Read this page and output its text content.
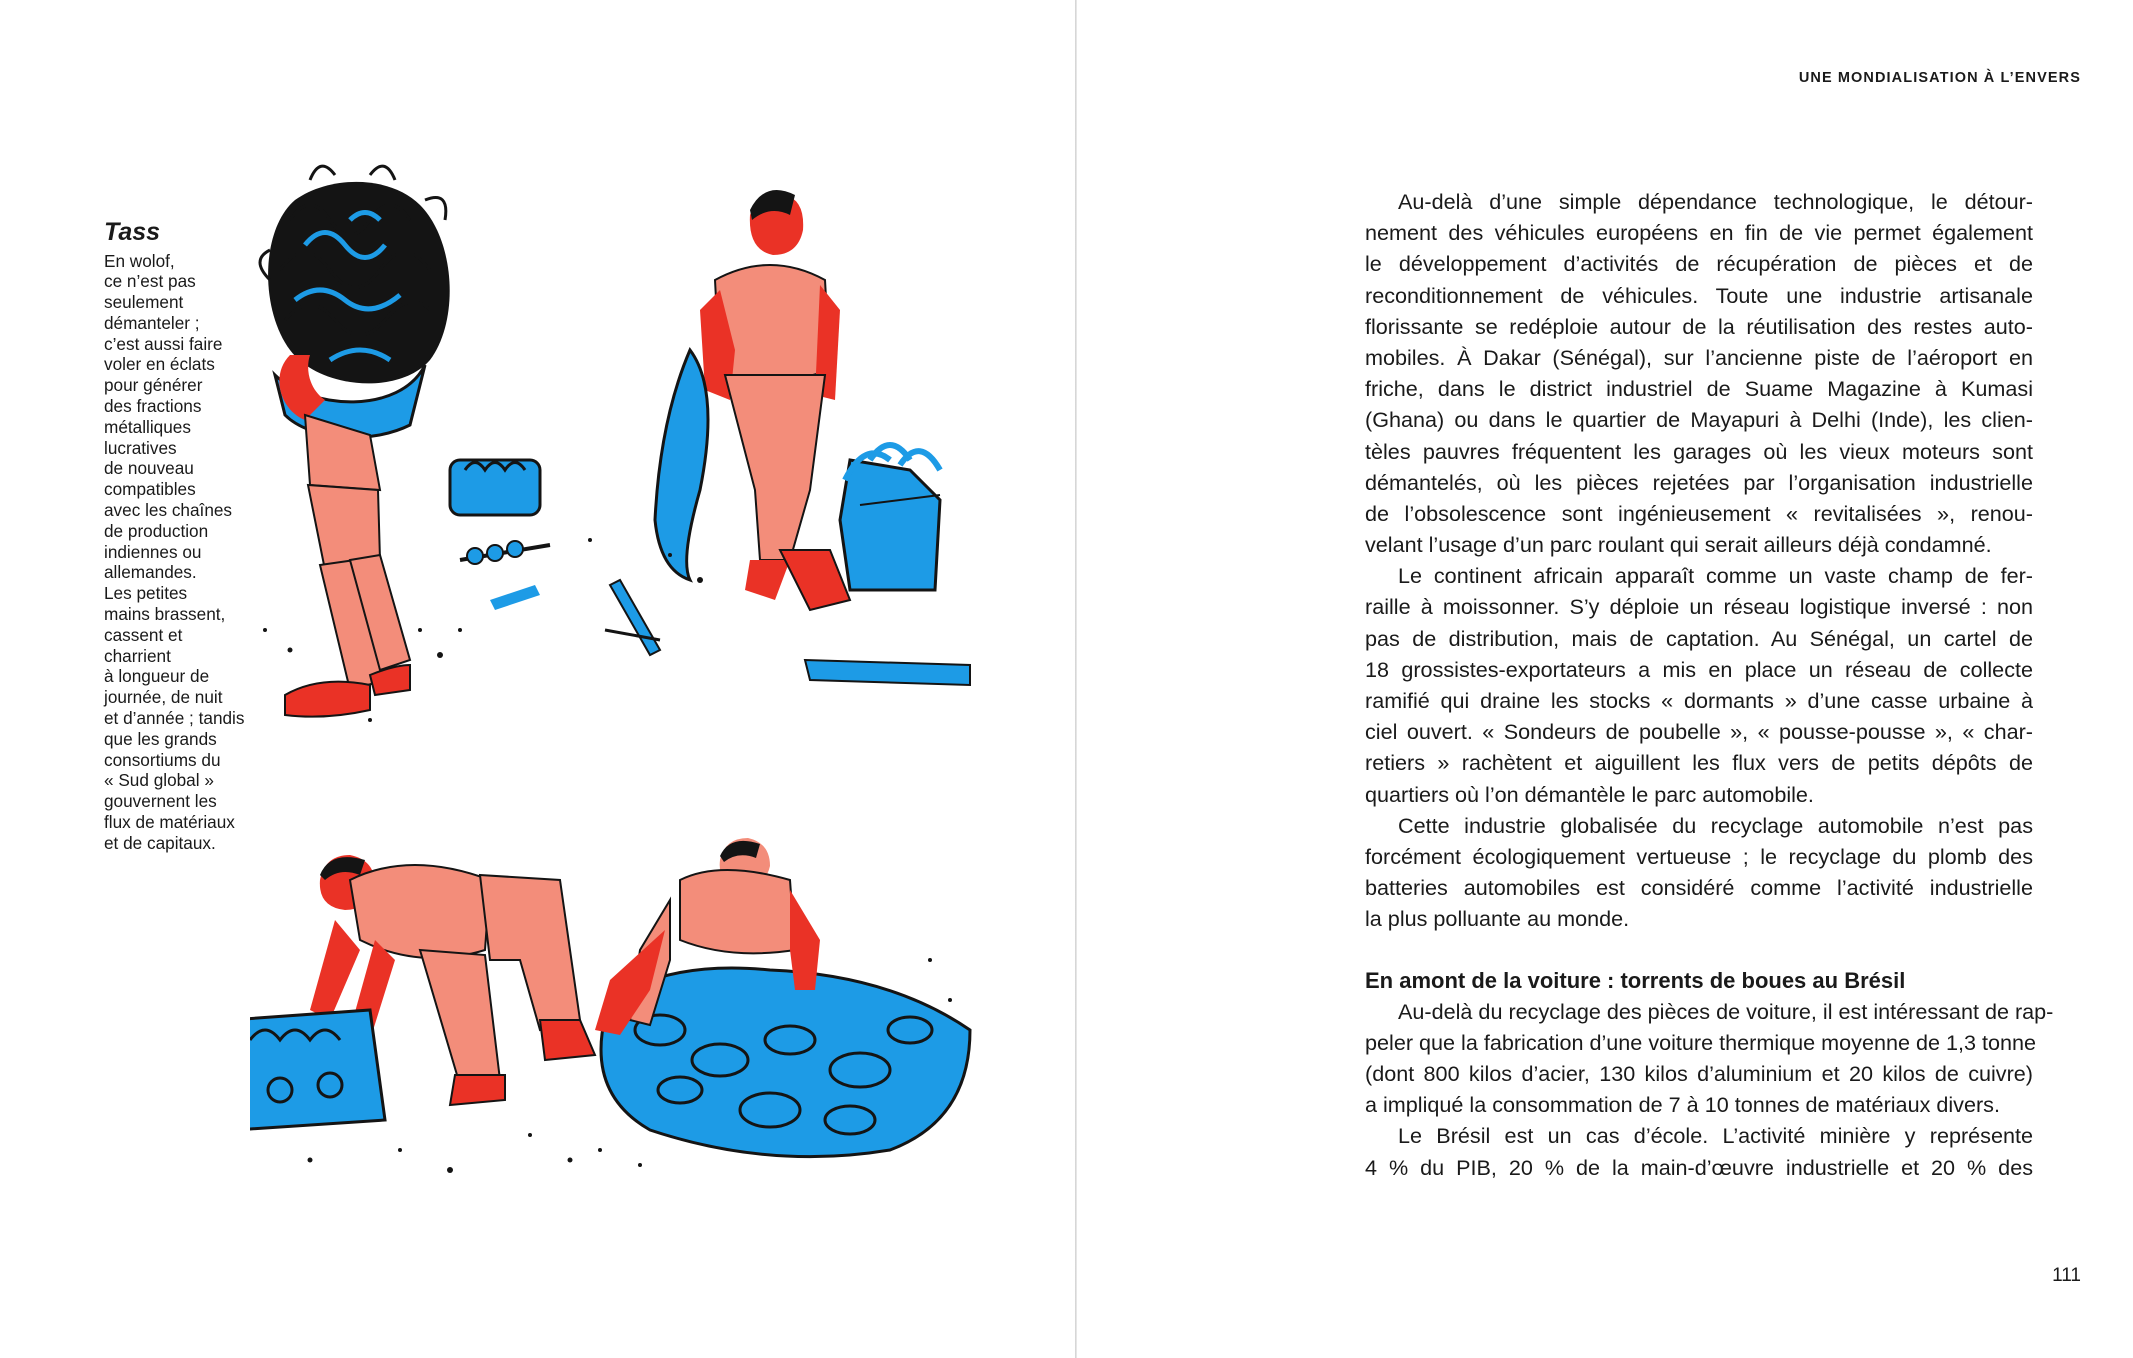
Tass

En wolof,

ce n’est pas

seulement

démanteler ;

c’est aussi faire

voler en éclats

pour générer

des fractions

métalliques

lucratives

de nouveau

compatibles

avec les chaînes

de production

indiennes ou

allemandes.

Les petites

mains brassent,

cassent et

charrient

à longueur de

journée, de nuit

et d’année ; tandis

que les grands

consortiums du

« Sud global »

gouvernent les

flux de matériaux

et de capitaux.

UNE MONDIALISATION À L’ENVERS

Au-delà d’une simple dépendance technologique, le détour-

nement des véhicules européens en fin de vie permet également

le développement d’activités de récupération de pièces et de

reconditionnement de véhicules. Toute une industrie artisanale

florissante se redéploie autour de la réutilisation des restes auto-

mobiles. À Dakar (Sénégal), sur l’ancienne piste de l’aéroport en

friche, dans le district industriel de Suame Magazine à Kumasi

(Ghana) ou dans le quartier de Mayapuri à Delhi (Inde), les clien-

tèles pauvres fréquentent les garages où les vieux moteurs sont

démantelés, où les pièces rejetées par l’organisation industrielle

de l’obsolescence sont ingénieusement « revitalisées », renou-

velant l’usage d’un parc roulant qui serait ailleurs déjà condamné.

Le continent africain apparaît comme un vaste champ de fer-

raille à moissonner. S’y déploie un réseau logistique inversé : non

pas de distribution, mais de captation. Au Sénégal, un cartel de

18 grossistes-exportateurs a mis en place un réseau de collecte

ramifié qui draine les stocks « dormants » d’une casse urbaine à

ciel ouvert. « Sondeurs de poubelle », « pousse-pousse », « char-

retiers » rachètent et aiguillent les flux vers de petits dépôts de

quartiers où l’on démantèle le parc automobile.

Cette industrie globalisée du recyclage automobile n’est pas

forcément écologiquement vertueuse ; le recyclage du plomb des

batteries automobiles est considéré comme l’activité industrielle

la plus polluante au monde.

En amont de la voiture : torrents de boues au Brésil

Au-delà du recyclage des pièces de voiture, il est intéressant de rap-

peler que la fabrication d’une voiture thermique moyenne de 1,3 tonne

(dont 800 kilos d’acier, 130 kilos d’aluminium et 20 kilos de cuivre)

a impliqué la consommation de 7 à 10 tonnes de matériaux divers.

Le Brésil est un cas d’école. L’activité minière y représente

4 % du PIB, 20 % de la main-d’œuvre industrielle et 20 % des

111
